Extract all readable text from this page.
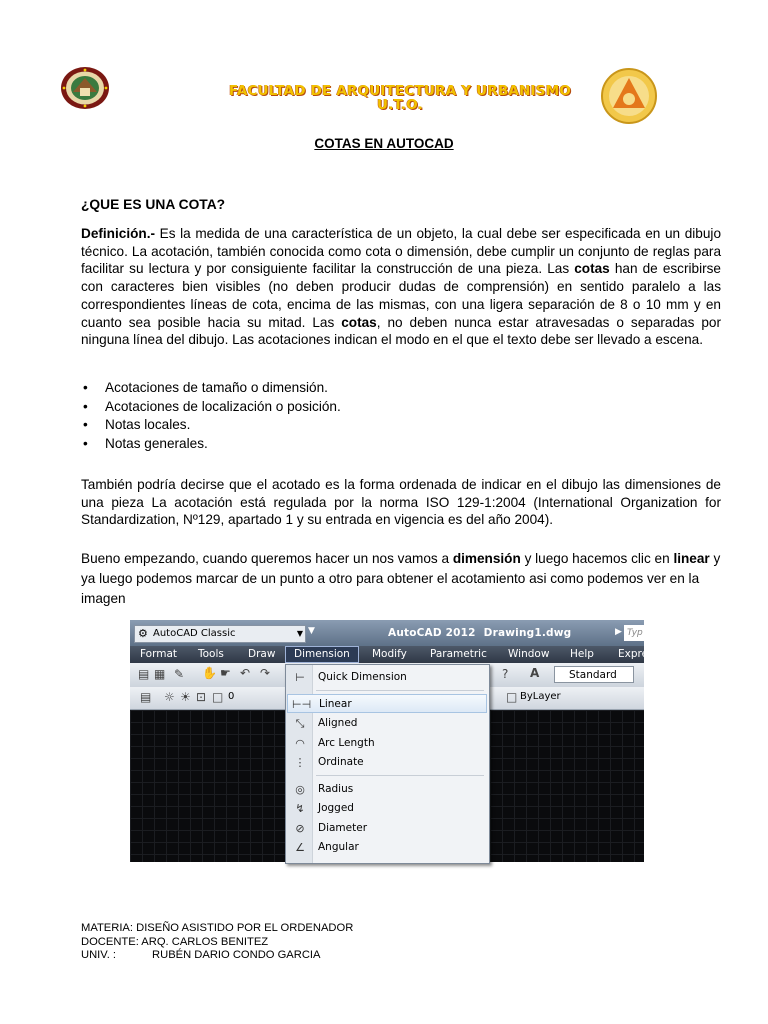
FACULTAD DE ARQUITECTURA Y URBANISMO
U.T.O.
COTAS EN AUTOCAD
¿QUE ES UNA COTA?
Definición.- Es la medida de una característica de un objeto, la cual debe ser especificada en un dibujo técnico. La acotación, también conocida como cota o dimensión, debe cumplir un conjunto de reglas para facilitar su lectura y por consiguiente facilitar la construcción de una pieza. Las cotas han de escribirse con caracteres bien visibles (no deben producir dudas de comprensión) en sentido paralelo a las correspondientes líneas de cota, encima de las mismas, con una ligera separación de 8 o 10 mm y en cuanto sea posible hacia su mitad. Las cotas, no deben nunca estar atravesadas o separadas por ninguna línea del dibujo. Las acotaciones indican el modo en el que el texto debe ser llevado a escena.
• Acotaciones de tamaño o dimensión.
• Acotaciones de localización o posición.
• Notas locales.
• Notas generales.
También podría decirse que el acotado es la forma ordenada de indicar en el dibujo las dimensiones de una pieza La acotación está regulada por la norma ISO 129-1:2004 (International Organization for Standardization, Nº129, apartado 1 y su entrada en vigencia es del año 2004).
Bueno empezando, cuando queremos hacer un nos vamos a dimensión y luego hacemos clic en linear y ya luego podemos marcar de un punto a otro para obtener el acotamiento asi como podemos ver en la imagen
⚙ AutoCAD Classic	▼ ▼	AutoCAD 2012 Drawing1.dwg	▶ Typ
Format Tools Draw	Dimension	Modify Parametric Window Help Expre
▤ ▦ ✎ ✋ ☛ ↶ ↷	? A	Standard
▤ ☼ ☀ ⊡ □ 0	□ ByLayer
⊢	Quick Dimension
⊢⊣ Linear
⤡	Aligned
◠	Arc Length
⋮	Ordinate
◎	Radius
↯	Jogged
⊘	Diameter
∠	Angular
MATERIA: DISEÑO ASISTIDO POR EL ORDENADOR
DOCENTE: ARQ. CARLOS BENITEZ
UNIV. :	RUBÉN DARIO CONDO GARCIA
